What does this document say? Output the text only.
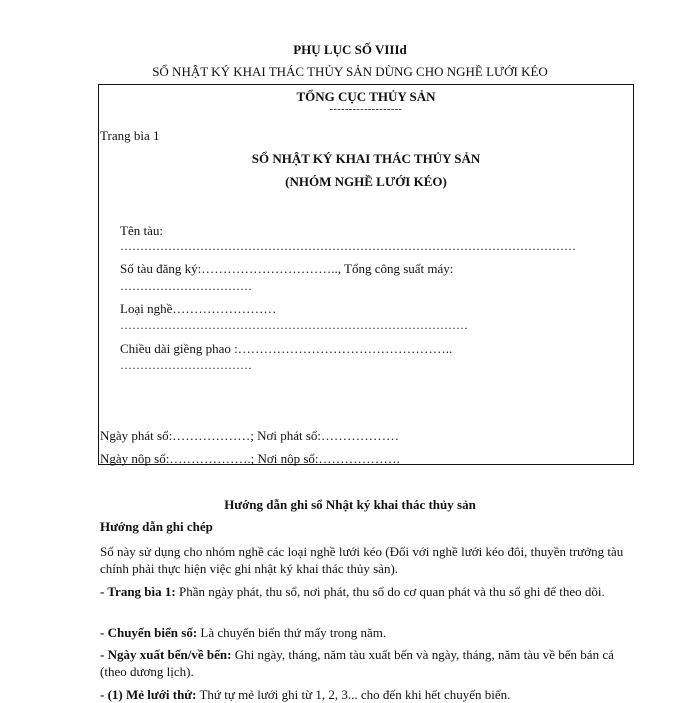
PHỤ LỤC SỐ VIIId
SỔ NHẬT KÝ KHAI THÁC THỦY SẢN DÙNG CHO NGHỀ LƯỚI KÉO
TỔNG CỤC THỦY SẢN
-------------------
Trang bìa 1
SỔ NHẬT KÝ KHAI THÁC THỦY SẢN
(NHÓM NGHỀ LƯỚI KÉO)
Tên tàu:
……………………………………………………………………………………………………
Số tàu đăng ký:………………………….., Tổng công suất máy:
……………………………
Loại nghề……………………
……………………………………………………………………………
Chiều dài giềng phao :…………………………………………..
……………………………
Ngày phát sổ:………………; Nơi phát sổ:………………
Ngày nộp sổ:……………….; Nơi nộp sổ:……………….
Hướng dẫn ghi sổ Nhật ký khai thác thủy sản
Hướng dẫn ghi chép
Sổ này sử dụng cho nhóm nghề các loại nghề lưới kéo (Đối với nghề lưới kéo đôi, thuyền trưởng tàu chính phải thực hiện việc ghi nhật ký khai thác thủy sản).
- Trang bìa 1: Phần ngày phát, thu sổ, nơi phát, thu sổ do cơ quan phát và thu sổ ghi để theo dõi.
- Chuyến biển số: Là chuyến biển thứ mấy trong năm.
- Ngày xuất bến/về bến: Ghi ngày, tháng, năm tàu xuất bến và ngày, tháng, năm tàu về bến bán cá (theo dương lịch).
- (1) Mẻ lưới thứ: Thứ tự mẻ lưới ghi từ 1, 2, 3... cho đến khi hết chuyến biển.
